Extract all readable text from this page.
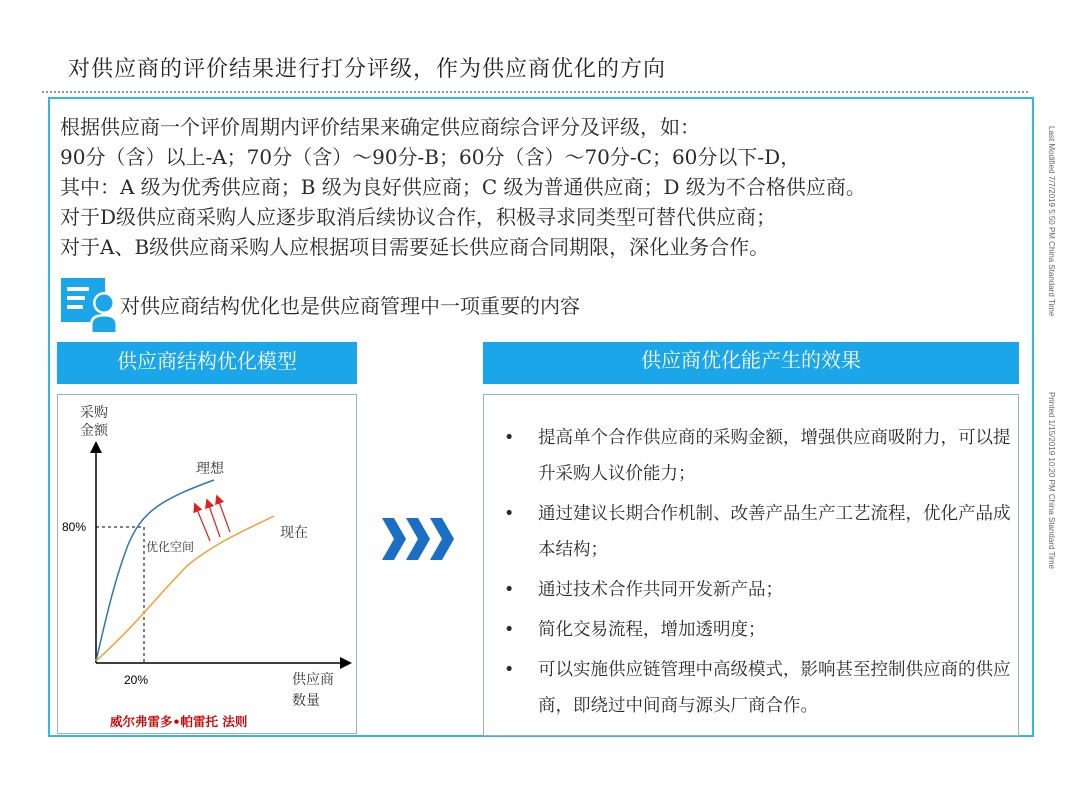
对供应商的评价结果进行打分评级，作为供应商优化的方向
根据供应商一个评价周期内评价结果来确定供应商综合评分及评级，如：
90分（含）以上-A；70分（含）～90分-B；60分（含）～70分-C；60分以下-D，
其中：A 级为优秀供应商；B 级为良好供应商；C 级为普通供应商；D 级为不合格供应商。
对于D级供应商采购人应逐步取消后续协议合作，积极寻求同类型可替代供应商；
对于A、B级供应商采购人应根据项目需要延长供应商合同期限，深化业务合作。	Last Modified 7/7/2019 5:50 PM China Standard Time
Printed 1/15/2019 10:20 PM China Standard Time
对供应商结构优化也是供应商管理中一项重要的内容
供应商结构优化模型	供应商优化能产生的效果
采购
金额
理想
现在
优化空间
80%
20%	供应商
数量
威尔弗雷多•帕雷托 法则
• 提高单个合作供应商的采购金额，增强供应商吸附力，可以提升采购人议价能力；
• 通过建议长期合作机制、改善产品生产工艺流程，优化产品成本结构；
• 通过技术合作共同开发新产品；
• 简化交易流程，增加透明度；
• 可以实施供应链管理中高级模式，影响甚至控制供应商的供应商，即绕过中间商与源头厂商合作。
